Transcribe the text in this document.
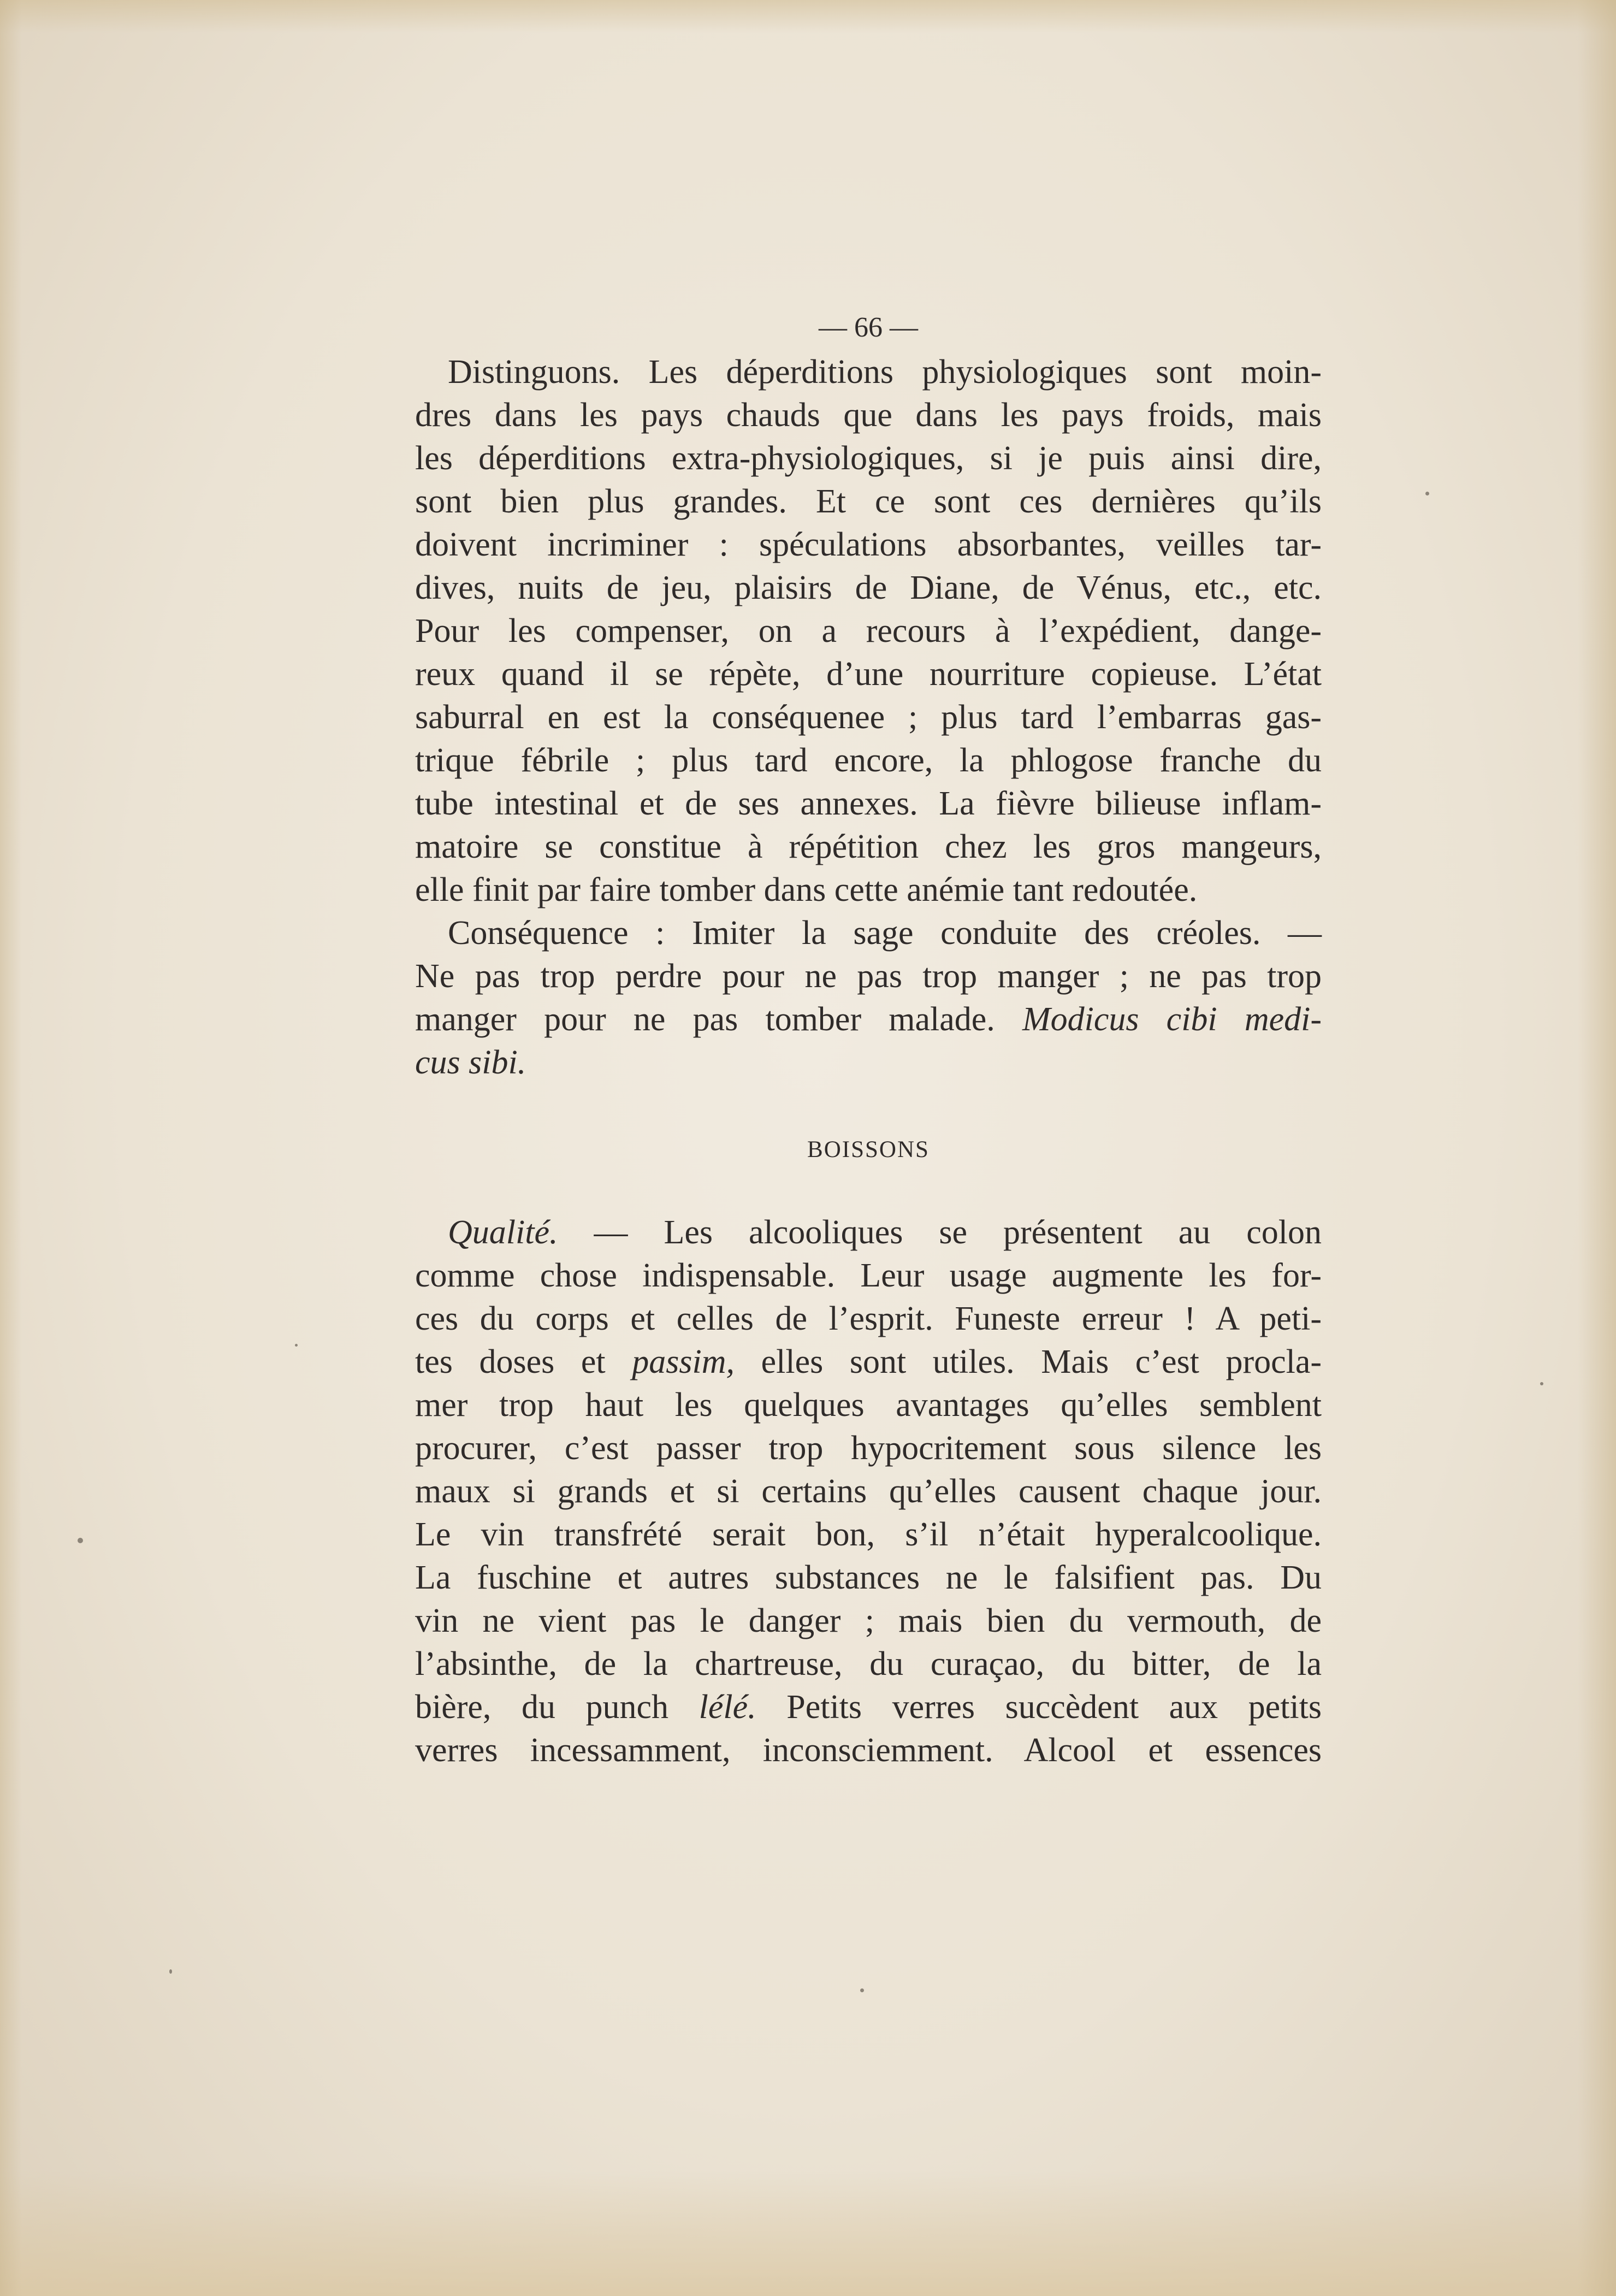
— 66 —
Distinguons. Les déperditions physiologiques sont moin-
dres dans les pays chauds que dans les pays froids, mais
les déperditions extra-physiologiques, si je puis ainsi dire,
sont bien plus grandes. Et ce sont ces dernières qu’ils
doivent incriminer : spéculations absorbantes, veilles tar-
dives, nuits de jeu, plaisirs de Diane, de Vénus, etc., etc.
Pour les compenser, on a recours à l’expédient, dange-
reux quand il se répète, d’une nourriture copieuse. L’état
saburral en est la conséquenee ; plus tard l’embarras gas-
trique fébrile ; plus tard encore, la phlogose franche du
tube intestinal et de ses annexes. La fièvre bilieuse inflam-
matoire se constitue à répétition chez les gros mangeurs,
elle finit par faire tomber dans cette anémie tant redoutée.
Conséquence : Imiter la sage conduite des créoles. —
Ne pas trop perdre pour ne pas trop manger ; ne pas trop
manger pour ne pas tomber malade. Modicus cibi medi-
cus sibi.
BOISSONS
Qualité. — Les alcooliques se présentent au colon
comme chose indispensable. Leur usage augmente les for-
ces du corps et celles de l’esprit. Funeste erreur ! A peti-
tes doses et passim, elles sont utiles. Mais c’est procla-
mer trop haut les quelques avantages qu’elles semblent
procurer, c’est passer trop hypocritement sous silence les
maux si grands et si certains qu’elles causent chaque jour.
Le vin transfrété serait bon, s’il n’était hyperalcoolique.
La fuschine et autres substances ne le falsifient pas. Du
vin ne vient pas le danger ; mais bien du vermouth, de
l’absinthe, de la chartreuse, du curaçao, du bitter, de la
bière, du punch lélé. Petits verres succèdent aux petits
verres incessamment, inconsciemment. Alcool et essences
